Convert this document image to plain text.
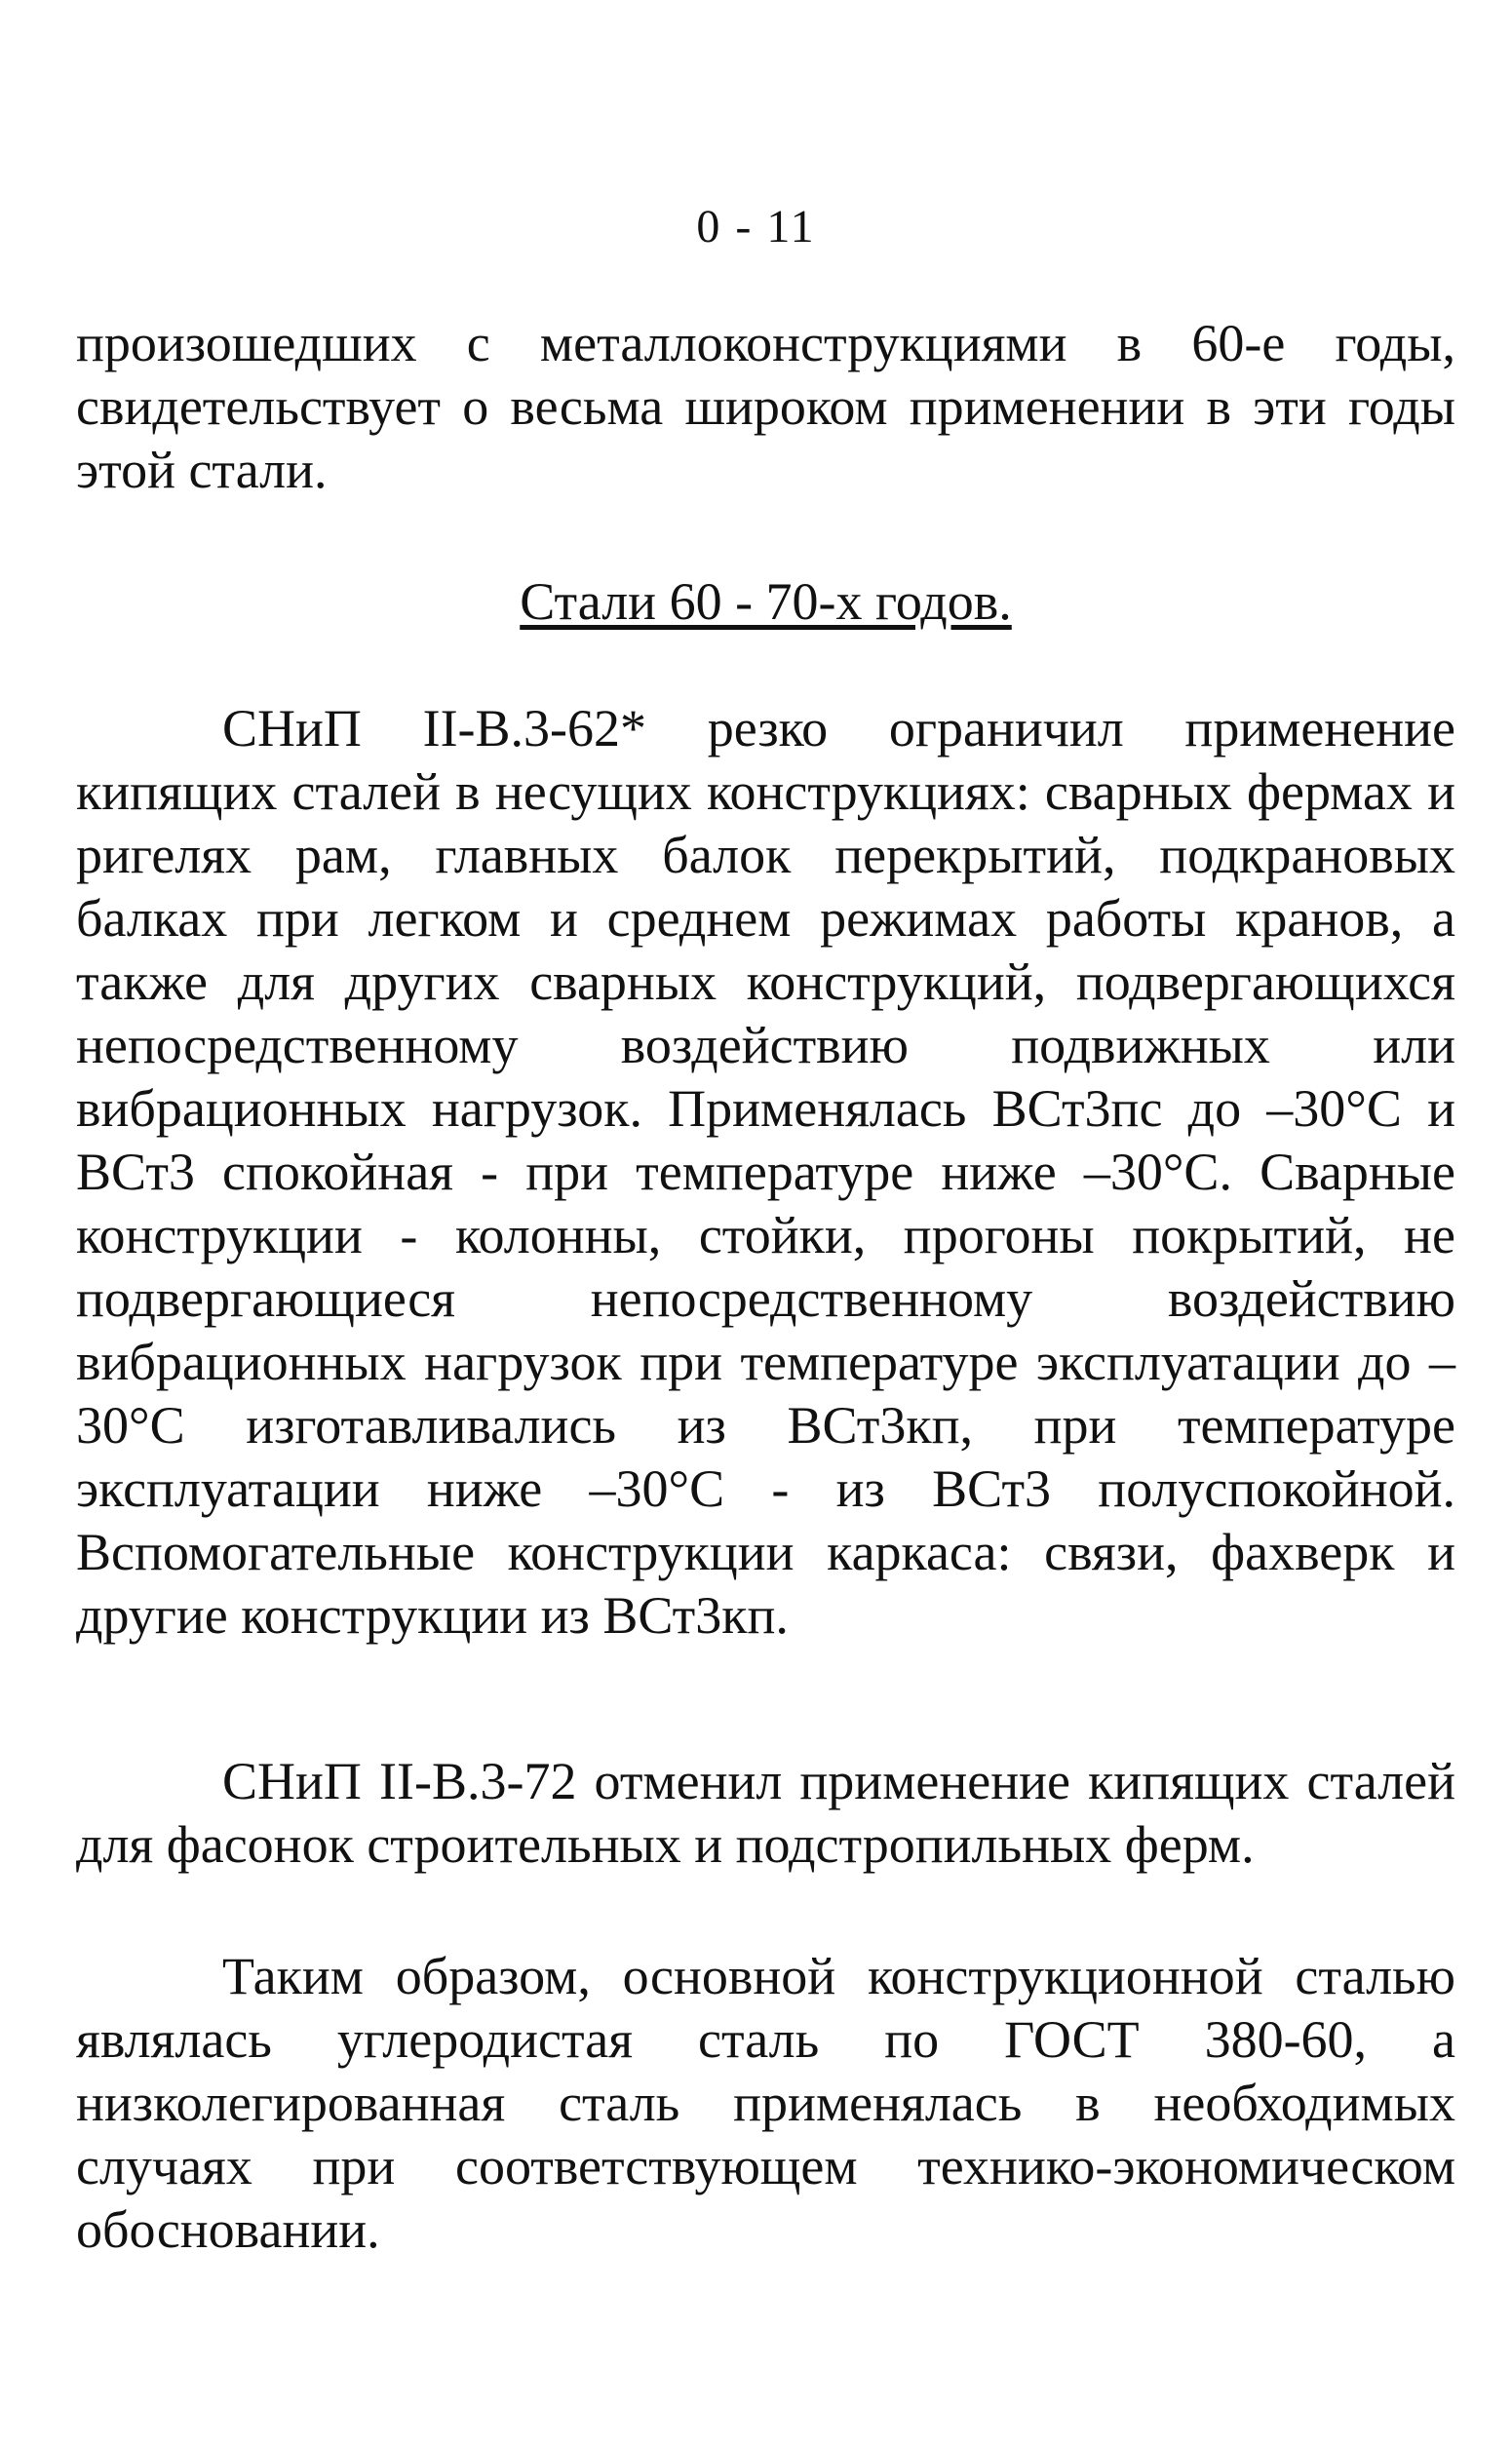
0 - 11

произошедших с металлоконструкциями в 60-е годы, свидетельствует о весьма широком применении в эти годы этой стали.

Стали 60 - 70-х годов.

СНиП II-В.3-62* резко ограничил применение кипящих сталей в несущих конструкциях: сварных фермах и ригелях рам, главных балок перекрытий, подкрановых балках при легком и среднем режимах работы кранов, а также для других сварных конструкций, подвергающихся непосредственному воздействию подвижных или вибрационных нагрузок. Применялась ВСт3пс до –30°С и ВСт3 спокойная - при температуре ниже –30°С. Сварные конструкции - колонны, стойки, прогоны покрытий, не подвергающиеся непосредственному воздействию вибрационных нагрузок при температуре эксплуатации до –30°С изготавливались из ВСт3кп, при температуре эксплуатации ниже –30°С - из ВСт3 полуспокойной. Вспомогательные конструкции каркаса: связи, фахверк и другие конструкции из ВСт3кп.

СНиП II-В.3-72 отменил применение кипящих сталей для фасонок строительных и подстропильных ферм.

Таким образом, основной конструкционной сталью являлась углеродистая сталь по ГОСТ 380-60, а низколегированная сталь применялась в необходимых случаях при соответствующем технико-экономическом обосновании.
